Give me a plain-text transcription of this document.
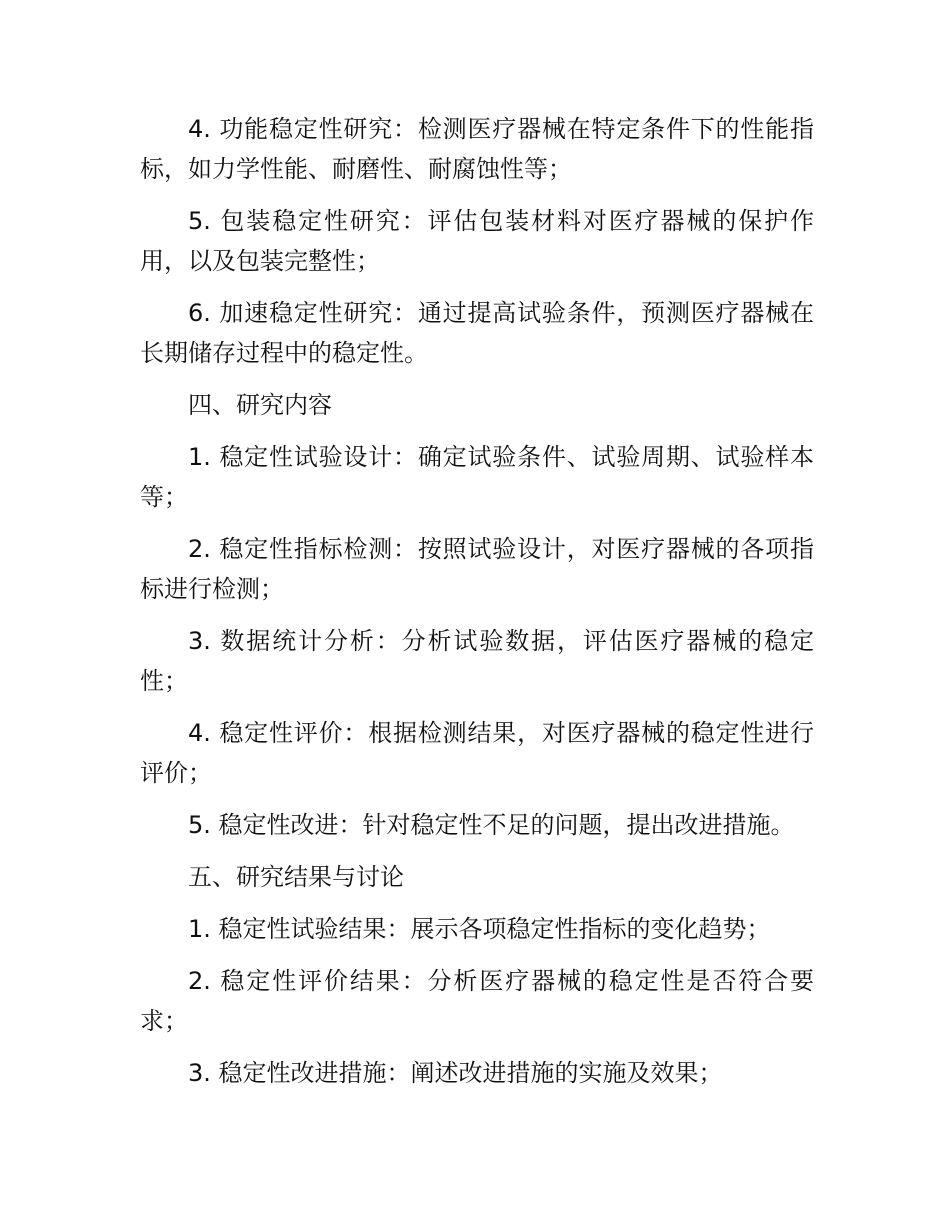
4. 功能稳定性研究：检测医疗器械在特定条件下的性能指标，如力学性能、耐磨性、耐腐蚀性等；

5. 包装稳定性研究：评估包装材料对医疗器械的保护作用，以及包装完整性；

6. 加速稳定性研究：通过提高试验条件，预测医疗器械在长期储存过程中的稳定性。

四、研究内容

1. 稳定性试验设计：确定试验条件、试验周期、试验样本等；

2. 稳定性指标检测：按照试验设计，对医疗器械的各项指标进行检测；

3. 数据统计分析：分析试验数据，评估医疗器械的稳定性；

4. 稳定性评价：根据检测结果，对医疗器械的稳定性进行评价；

5. 稳定性改进：针对稳定性不足的问题，提出改进措施。

五、研究结果与讨论

1. 稳定性试验结果：展示各项稳定性指标的变化趋势；

2. 稳定性评价结果：分析医疗器械的稳定性是否符合要求；

3. 稳定性改进措施：阐述改进措施的实施及效果；
